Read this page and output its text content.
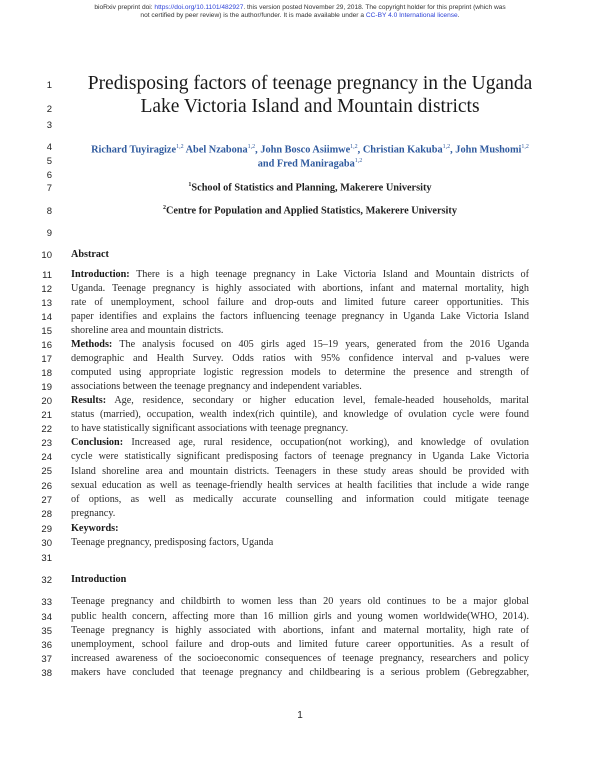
bioRxiv preprint doi: https://doi.org/10.1101/482927. this version posted November 29, 2018. The copyright holder for this preprint (which was
not certified by peer review) is the author/funder. It is made available under a CC-BY 4.0 International license.
1
2
3
4
5
6
7
8
9
10
11
12
13
14
15
16
17
18
19
20
21
22
23
24
25
26
27
28
29
30
31
32
33
34
35
36
37
38
Predisposing factors of teenage pregnancy in the Uganda
Lake Victoria Island and Mountain districts
Richard Tuyiragize$^{1,2}$ Abel Nzabona$^{1,2}$, John Bosco Asiimwe$^{1,2}$, Christian Kakuba$^{1,2}$, John Mushomi$^{1,2}$
and Fred Maniragaba$^{1,2}$
$^1$School of Statistics and Planning, Makerere University
$^2$Centre for Population and Applied Statistics, Makerere University
Abstract
Introduction: There is a high teenage pregnancy in Lake Victoria Island and Mountain districts of
Uganda. Teenage pregnancy is highly associated with abortions, infant and maternal mortality, high
rate of unemployment, school failure and drop-outs and limited future career opportunities. This
paper identifies and explains the factors influencing teenage pregnancy in Uganda Lake Victoria Island
shoreline area and mountain districts.
Methods: The analysis focused on 405 girls aged 15–19 years, generated from the 2016 Uganda
demographic and Health Survey. Odds ratios with 95% confidence interval and p-values were
computed using appropriate logistic regression models to determine the presence and strength of
associations between the teenage pregnancy and independent variables.
Results: Age, residence, secondary or higher education level, female-headed households, marital
status (married), occupation, wealth index(rich quintile), and knowledge of ovulation cycle were found
to have statistically significant associations with teenage pregnancy.
Conclusion: Increased age, rural residence, occupation(not working), and knowledge of ovulation
cycle were statistically significant predisposing factors of teenage pregnancy in Uganda Lake Victoria
Island shoreline area and mountain districts. Teenagers in these study areas should be provided with
sexual education as well as teenage-friendly health services at health facilities that include a wide range
of options, as well as medically accurate counselling and information could mitigate teenage
pregnancy.
Keywords:
Teenage pregnancy, predisposing factors, Uganda
Introduction
Teenage pregnancy and childbirth to women less than 20 years old continues to be a major global
public health concern, affecting more than 16 million girls and young women worldwide(WHO, 2014).
Teenage pregnancy is highly associated with abortions, infant and maternal mortality, high rate of
unemployment, school failure and drop-outs and limited future career opportunities. As a result of
increased awareness of the socioeconomic consequences of teenage pregnancy, researchers and policy
makers have concluded that teenage pregnancy and childbearing is a serious problem (Gebregzabher,
1
